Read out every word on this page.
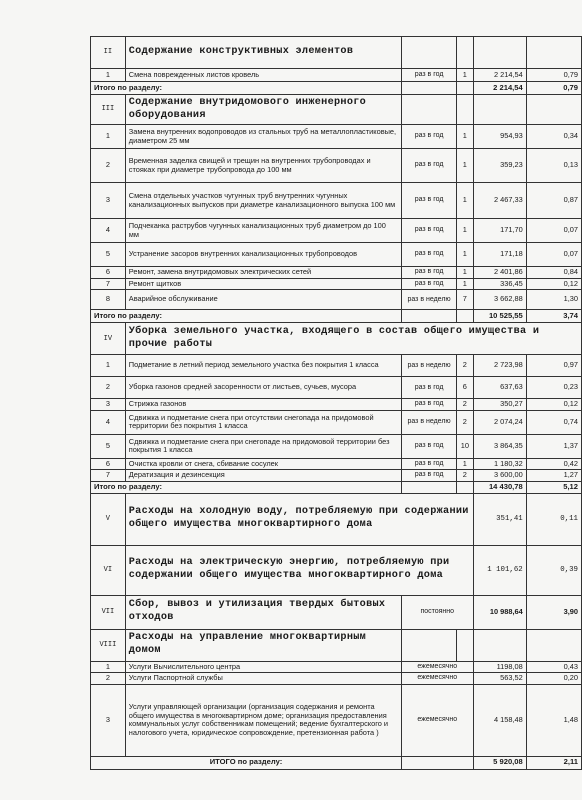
II	Содержание конструктивных элементов				
1	Смена поврежденных листов кровель	раз в год	1	2 214,54	0,79
Итого по разделу:				2 214,54	0,79
III	Содержание внутридомового инженерного оборудования				
1	Замена внутренних водопроводов из стальных труб на металлопластиковые, диаметром 25 мм	раз в год	1	954,93	0,34
2	Временная заделка свищей и трещин на внутренних трубопроводах и стояках при диаметре трубопровода до 100 мм	раз в год	1	359,23	0,13
3	Смена отдельных участков чугунных труб внутренних чугунных канализационных выпусков при диаметре канализационного выпуска 100 мм	раз в год	1	2 467,33	0,87
4	Подчеканка раструбов чугунных канализационных труб диаметром до 100 мм	раз в год	1	171,70	0,07
5	Устранение засоров внутренних канализационных трубопроводов	раз в год	1	171,18	0,07
6	Ремонт, замена внутридомовых электрических сетей	раз в год	1	2 401,86	0,84
7	Ремонт щитков	раз в год	1	336,45	0,12
8	Аварийное обслуживание	раз в неделю	7	3 662,88	1,30
Итого по разделу:				10 525,55	3,74
IV	Уборка земельного участка, входящего в состав общего имущества и прочие работы				
1	Подметание в летний период земельного участка без покрытия 1 класса	раз в неделю	2	2 723,98	0,97
2	Уборка газонов средней засоренности от листьев, сучьев, мусора	раз в год	6	637,63	0,23
3	Стрижка газонов	раз в год	2	350,27	0,12
4	Сдвижка и подметание снега при отсутствии снегопада на придомовой территории без покрытия 1 класса	раз в неделю	2	2 074,24	0,74
5	Сдвижка и подметание снега при снегопаде на придомовой территории без покрытия 1 класса	раз в год	10	3 864,35	1,37
6	Очистка кровли от снега, сбивание сосулек	раз в год	1	1 180,32	0,42
7	Дератизация и дезинсекция	раз в год	2	3 600,00	1,27
Итого по разделу:				14 430,78	5,12
V	Расходы на холодную воду, потребляемую при содержании общего имущества многоквартирного дома			351,41	0,11
VI	Расходы на электрическую энергию, потребляемую при содержании общего имущества многоквартирного дома			1 101,62	0,39
VII	Сбор, вывоз и утилизация твердых бытовых отходов	постоянно		10 988,64	3,90
VIII	Расходы на управление многоквартирным домом				
1	Услуги Вычислительного центра	ежемесячно		1198,08	0,43
2	Услуги Паспортной службы	ежемесячно		563,52	0,20
3	Услуги управляющей организации (организация содержания и ремонта общего имущества в многоквартирном доме; организация предоставления коммунальных услуг собственникам помещений; ведение бухгалтерского и налогового учета, юридическое сопровождение, претензионная работа )	ежемесячно		4 158,48	1,48
ИТОГО по разделу:				5 920,08	2,11
